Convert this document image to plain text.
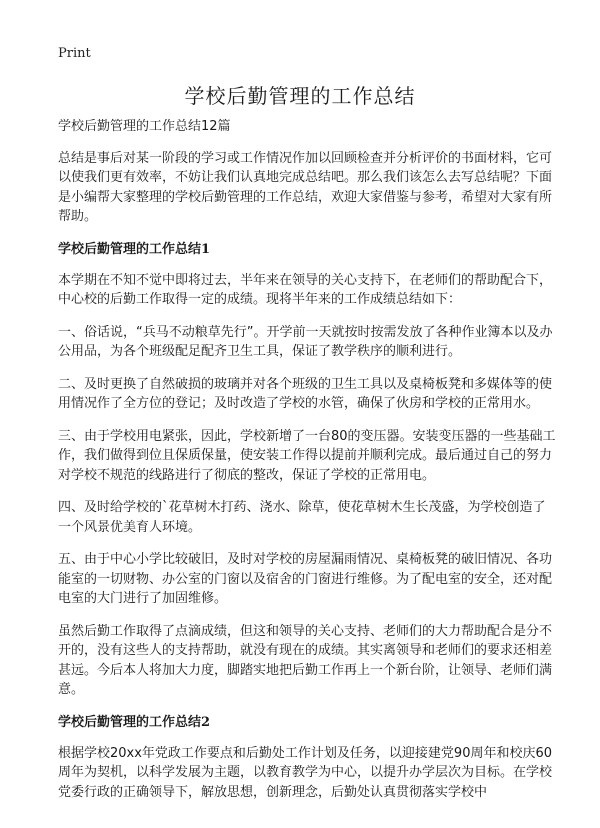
Print
学校后勤管理的工作总结

学校后勤管理的工作总结12篇

总结是事后对某一阶段的学习或工作情况作加以回顾检查并分析评价的书面材料，它可以使我们更有效率，不妨让我们认真地完成总结吧。那么我们该怎么去写总结呢？下面是小编帮大家整理的学校后勤管理的工作总结，欢迎大家借鉴与参考，希望对大家有所帮助。

学校后勤管理的工作总结1

本学期在不知不觉中即将过去，半年来在领导的关心支持下，在老师们的帮助配合下，中心校的后勤工作取得一定的成绩。现将半年来的工作成绩总结如下：

一、俗话说，“兵马不动粮草先行”。开学前一天就按时按需发放了各种作业簿本以及办公用品，为各个班级配足配齐卫生工具，保证了教学秩序的顺利进行。

二、及时更换了自然破损的玻璃并对各个班级的卫生工具以及桌椅板凳和多媒体等的使用情况作了全方位的登记；及时改造了学校的水管，确保了伙房和学校的正常用水。

三、由于学校用电紧张，因此，学校新增了一台80的变压器。安装变压器的一些基础工作，我们做得到位且保质保量，使安装工作得以提前并顺利完成。最后通过自己的努力对学校不规范的线路进行了彻底的整改，保证了学校的正常用电。

四、及时给学校的`花草树木打药、浇水、除草，使花草树木生长茂盛，为学校创造了一个风景优美育人环境。

五、由于中心小学比较破旧，及时对学校的房屋漏雨情况、桌椅板凳的破旧情况、各功能室的一切财物、办公室的门窗以及宿舍的门窗进行维修。为了配电室的安全，还对配电室的大门进行了加固维修。

虽然后勤工作取得了点滴成绩，但这和领导的关心支持、老师们的大力帮助配合是分不开的，没有这些人的支持帮助，就没有现在的成绩。其实离领导和老师们的要求还相差甚远。今后本人将加大力度，脚踏实地把后勤工作再上一个新台阶，让领导、老师们满意。

学校后勤管理的工作总结2

根据学校20xx年党政工作要点和后勤处工作计划及任务，以迎接建党90周年和校庆60周年为契机，以科学发展为主题，以教育教学为中心，以提升办学层次为目标。在学校党委行政的正确领导下，解放思想，创新理念，后勤处认真贯彻落实学校中
